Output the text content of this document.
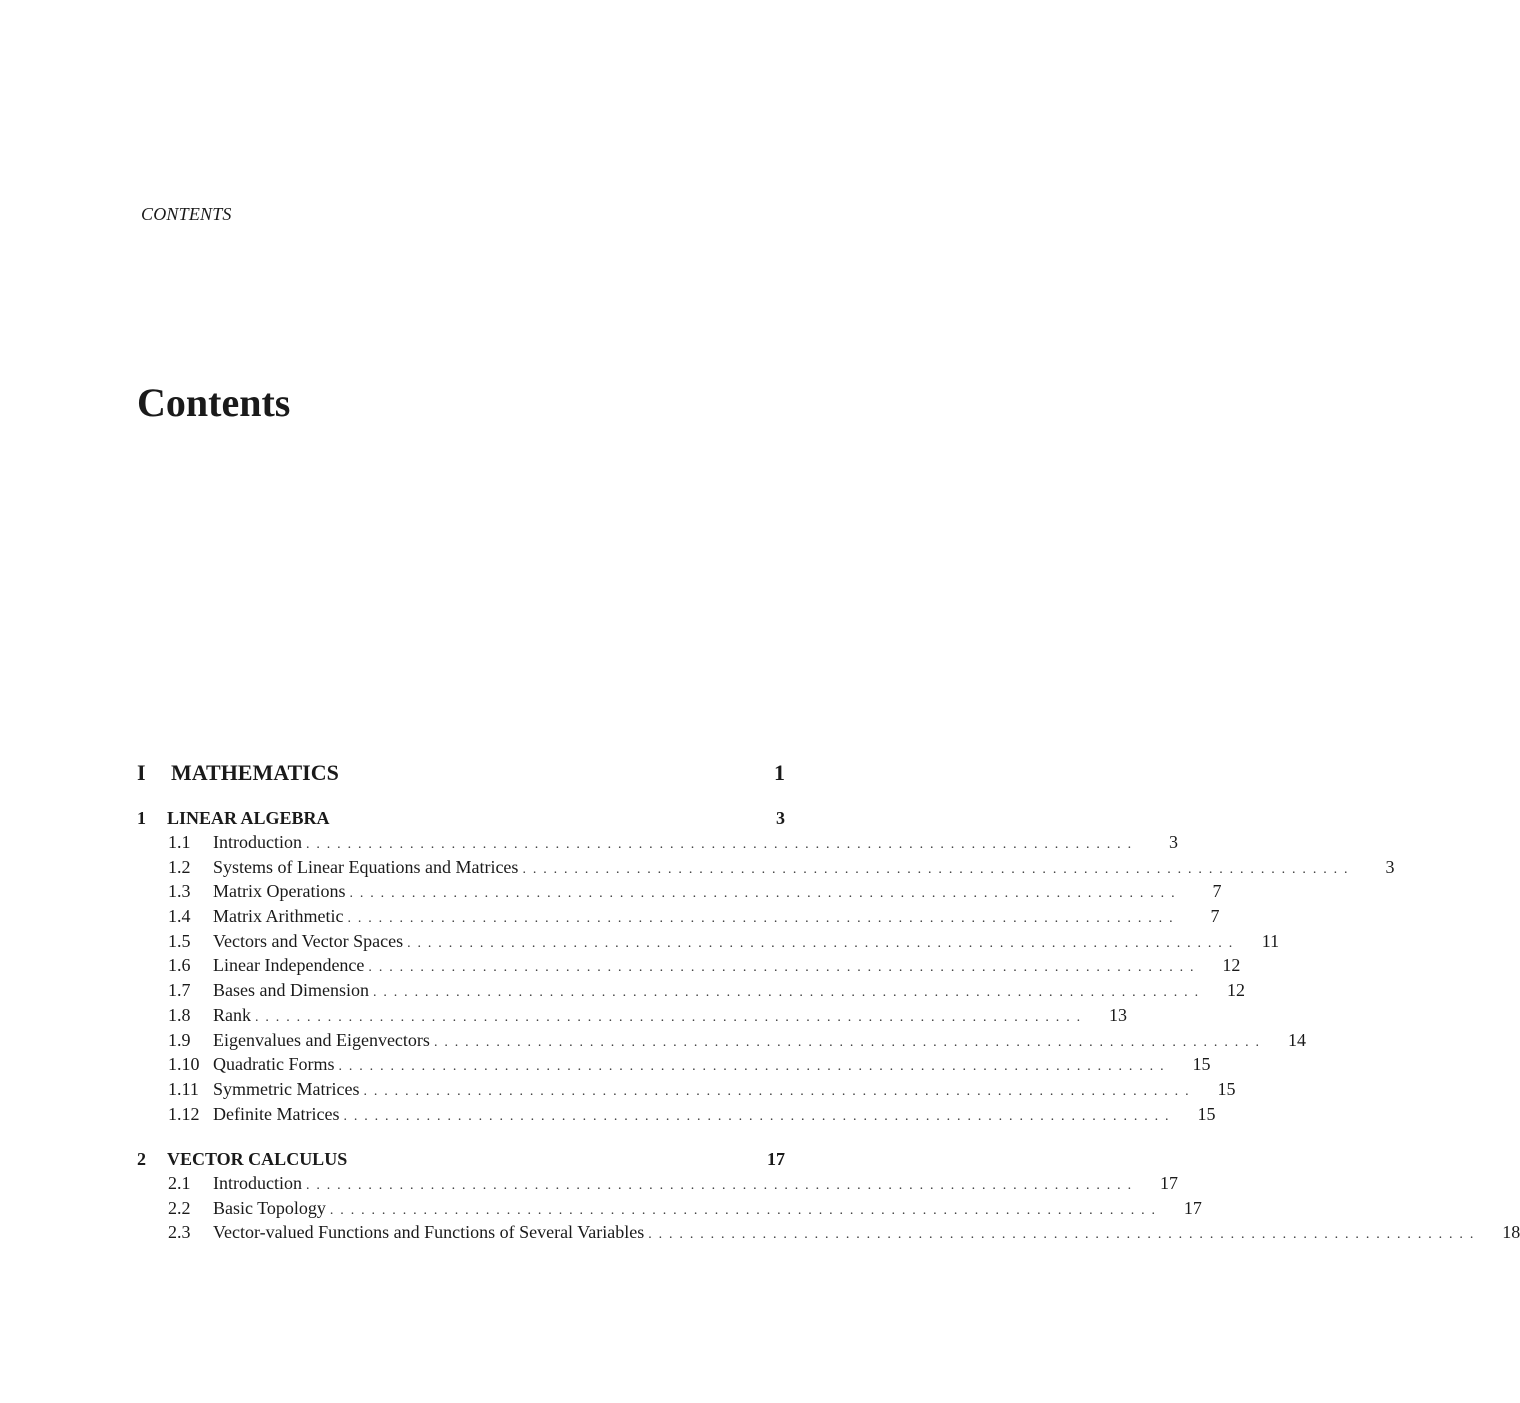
CONTENTS
Contents
I MATHEMATICS	1
1 LINEAR ALGEBRA	3
1.1	Introduction ................................................................................	3
1.2	Systems of Linear Equations and Matrices ................................................................................	3
1.3	Matrix Operations ................................................................................	7
1.4	Matrix Arithmetic ................................................................................	7
1.5	Vectors and Vector Spaces ................................................................................	11
1.6	Linear Independence ................................................................................	12
1.7	Bases and Dimension ................................................................................	12
1.8	Rank ................................................................................	13
1.9	Eigenvalues and Eigenvectors ................................................................................	14
1.10 Quadratic Forms ................................................................................	15
1.11 Symmetric Matrices ................................................................................	15
1.12 Definite Matrices ................................................................................	15
2 VECTOR CALCULUS	17
2.1	Introduction ................................................................................	17
2.2	Basic Topology ................................................................................	17
2.3	Vector-valued Functions and Functions of Several Variables ................................................................................	18
